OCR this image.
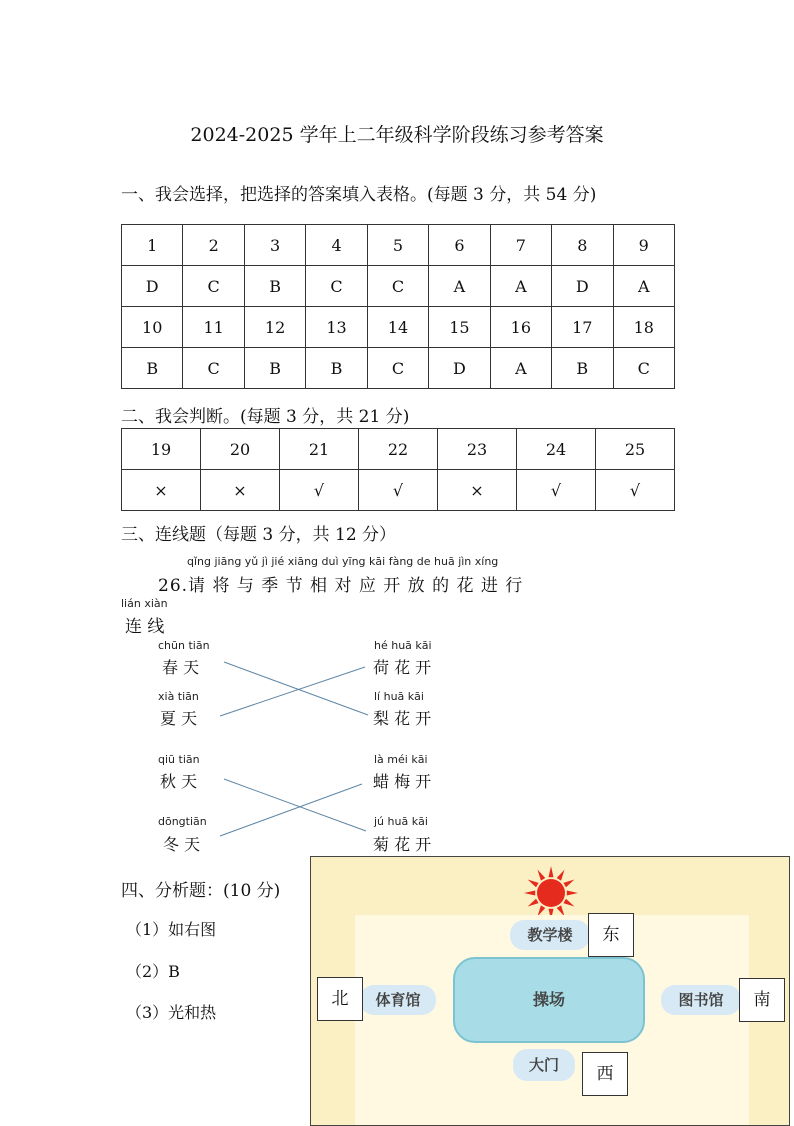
2024-2025 学年上二年级科学阶段练习参考答案
一、我会选择，把选择的答案填入表格。(每题 3 分，共 54 分)
1	2	3	4	5	6	7	8	9
D	C	B	C	C	A	A	D	A
10	11	12	13	14	15	16	17	18
B	C	B	B	C	D	A	B	C
二、我会判断。(每题 3 分，共 21 分)
19	20	21	22	23	24	25
×	×	√	√	×	√	√
三、连线题（每题 3 分，共 12 分）
qǐng jiāng yǔ jì jié xiāng duì yīng kāi fàng de huā jìn xíng
26.请 将 与 季 节 相 对 应 开 放 的 花 进 行
lián xiàn
连 线
chūn tiān
春 天
xià tiān
夏 天
qiū tiān
秋 天
dōngtiān
冬 天
hé huā kāi
荷 花 开
lí huā kāi
梨 花 开
là méi kāi
蜡 梅 开
jú huā kāi
菊 花 开
四、分析题：(10 分)
（1）如右图
（2）B
（3）光和热
教学楼
体育馆	操场	图书馆
大门
东
北	南
西
